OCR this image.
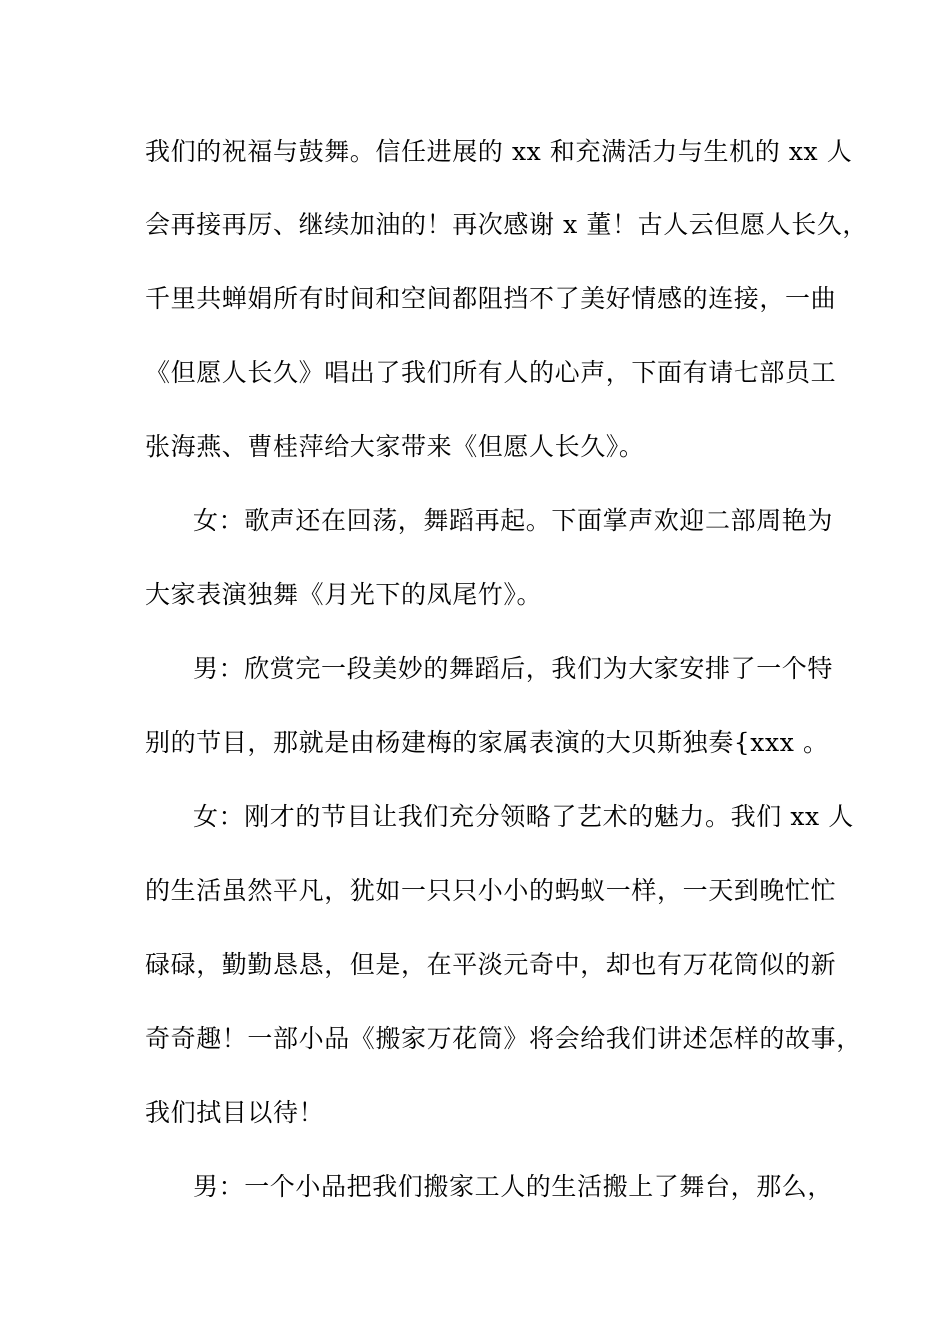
我们的祝福与鼓舞。信任进展的 xx 和充满活力与生机的 xx 人
会再接再厉、继续加油的！再次感谢 x 董！古人云但愿人长久，
千里共蝉娟所有时间和空间都阻挡不了美好情感的连接，一曲
《但愿人长久》唱出了我们所有人的心声，下面有请七部员工
张海燕、曹桂萍给大家带来《但愿人长久》。
女：歌声还在回荡，舞蹈再起。下面掌声欢迎二部周艳为
大家表演独舞《月光下的凤尾竹》。
男：欣赏完一段美妙的舞蹈后，我们为大家安排了一个特
别的节目，那就是由杨建梅的家属表演的大贝斯独奏{xxx 。
女：刚才的节目让我们充分领略了艺术的魅力。我们 xx 人
的生活虽然平凡，犹如一只只小小的蚂蚁一样，一天到晚忙忙
碌碌，勤勤恳恳，但是，在平淡元奇中，却也有万花筒似的新
奇奇趣！一部小品《搬家万花筒》将会给我们讲述怎样的故事，
我们拭目以待！
男：一个小品把我们搬家工人的生活搬上了舞台，那么，
